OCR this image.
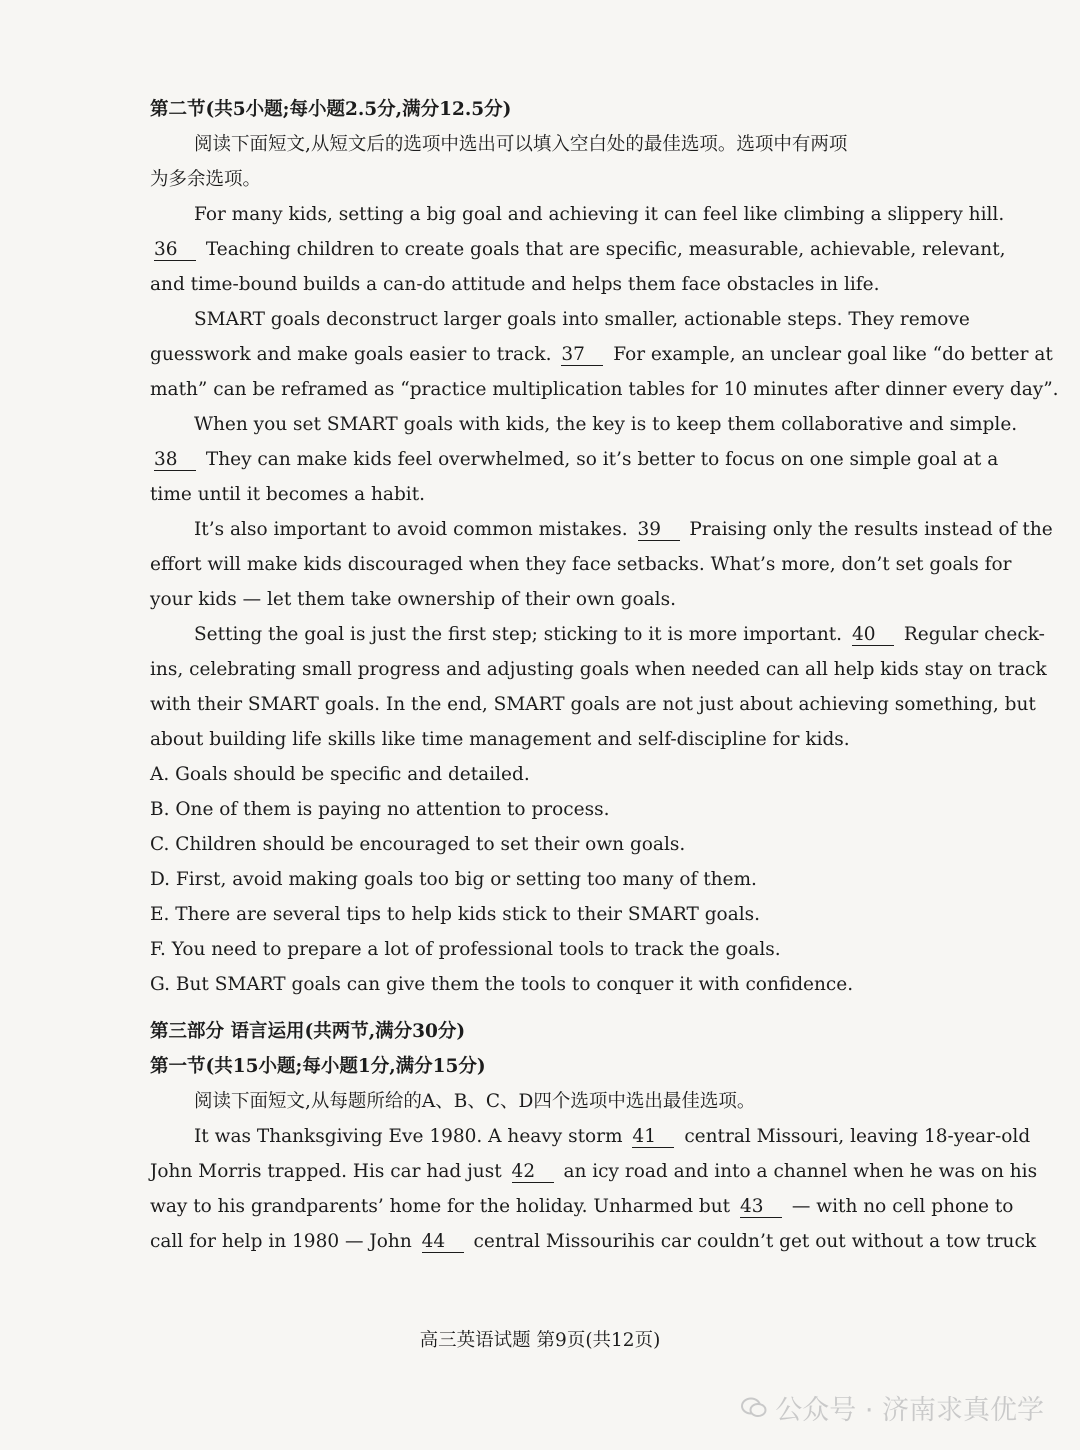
第二节(共5小题;每小题2.5分,满分12.5分)
阅读下面短文,从短文后的选项中选出可以填入空白处的最佳选项。选项中有两项
为多余选项。
For many kids, setting a big goal and achieving it can feel like climbing a slippery hill.
36 Teaching children to create goals that are specific, measurable, achievable, relevant,
and time-bound builds a can-do attitude and helps them face obstacles in life.
SMART goals deconstruct larger goals into smaller, actionable steps. They remove
guesswork and make goals easier to track. 37 For example, an unclear goal like “do better at
math” can be reframed as “practice multiplication tables for 10 minutes after dinner every day”.
When you set SMART goals with kids, the key is to keep them collaborative and simple.
38 They can make kids feel overwhelmed, so it’s better to focus on one simple goal at a
time until it becomes a habit.
It’s also important to avoid common mistakes. 39 Praising only the results instead of the
effort will make kids discouraged when they face setbacks. What’s more, don’t set goals for
your kids — let them take ownership of their own goals.
Setting the goal is just the first step; sticking to it is more important. 40 Regular check-
ins, celebrating small progress and adjusting goals when needed can all help kids stay on track
with their SMART goals. In the end, SMART goals are not just about achieving something, but
about building life skills like time management and self-discipline for kids.
A. Goals should be specific and detailed.
B. One of them is paying no attention to process.
C. Children should be encouraged to set their own goals.
D. First, avoid making goals too big or setting too many of them.
E. There are several tips to help kids stick to their SMART goals.
F. You need to prepare a lot of professional tools to track the goals.
G. But SMART goals can give them the tools to conquer it with confidence.
第三部分 语言运用(共两节,满分30分)
第一节(共15小题;每小题1分,满分15分)
阅读下面短文,从每题所给的A、B、C、D四个选项中选出最佳选项。
It was Thanksgiving Eve 1980. A heavy storm 41 central Missouri, leaving 18-year-old
John Morris trapped. His car had just 42 an icy road and into a channel when he was on his
way to his grandparents’ home for the holiday. Unharmed but 43 — with no cell phone to
call for help in 1980 — John 44 central Missourihis car couldn’t get out without a tow truck
高三英语试题 第9页(共12页)
公众号 · 济南求真优学
